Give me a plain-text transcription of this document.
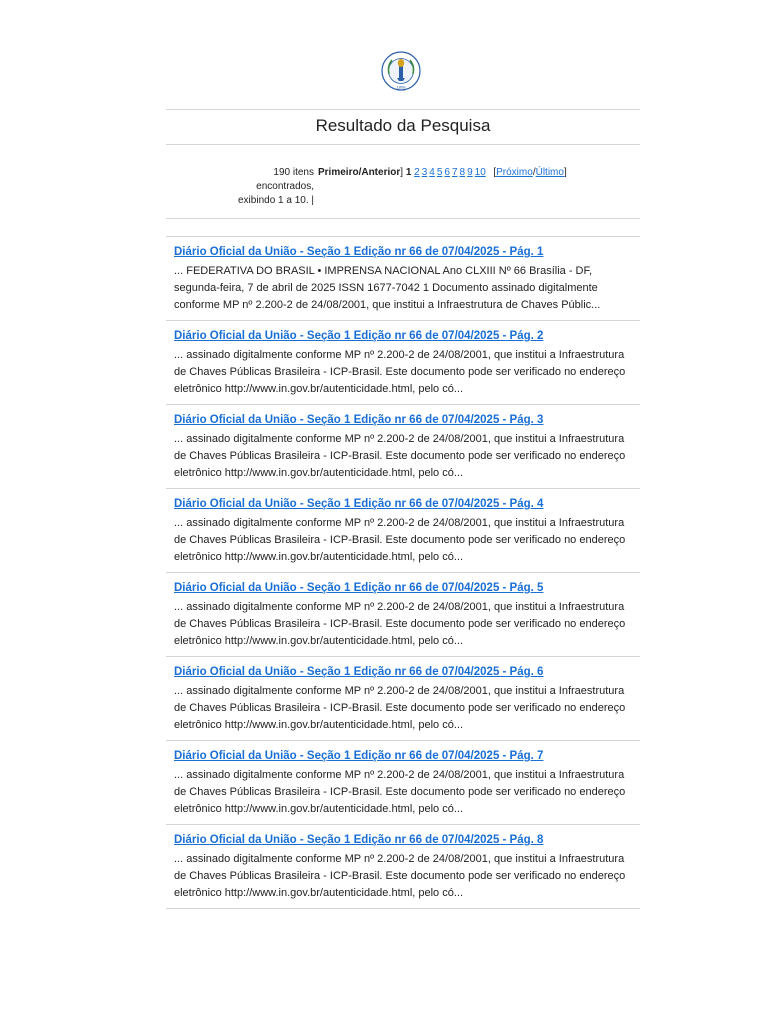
1808
Resultado da Pesquisa
190 itens
encontrados,
exibindo 1 a 10. |
Primeiro/Anterior] 1 2 3 4 5 6 7 8 9 10 [Próximo/Último]
Diário Oficial da União - Seção 1 Edição nr 66 de 07/04/2025 - Pág. 1
... FEDERATIVA DO BRASIL • IMPRENSA NACIONAL Ano CLXIII Nº 66 Brasília - DF, segunda-feira, 7 de abril de 2025 ISSN 1677-7042 1 Documento assinado digitalmente conforme MP nº 2.200-2 de 24/08/2001, que institui a Infraestrutura de Chaves Públic...
Diário Oficial da União - Seção 1 Edição nr 66 de 07/04/2025 - Pág. 2
... assinado digitalmente conforme MP nº 2.200-2 de 24/08/2001, que institui a Infraestrutura de Chaves Públicas Brasileira - ICP-Brasil. Este documento pode ser verificado no endereço eletrônico http://www.in.gov.br/autenticidade.html, pelo có...
Diário Oficial da União - Seção 1 Edição nr 66 de 07/04/2025 - Pág. 3
... assinado digitalmente conforme MP nº 2.200-2 de 24/08/2001, que institui a Infraestrutura de Chaves Públicas Brasileira - ICP-Brasil. Este documento pode ser verificado no endereço eletrônico http://www.in.gov.br/autenticidade.html, pelo có...
Diário Oficial da União - Seção 1 Edição nr 66 de 07/04/2025 - Pág. 4
... assinado digitalmente conforme MP nº 2.200-2 de 24/08/2001, que institui a Infraestrutura de Chaves Públicas Brasileira - ICP-Brasil. Este documento pode ser verificado no endereço eletrônico http://www.in.gov.br/autenticidade.html, pelo có...
Diário Oficial da União - Seção 1 Edição nr 66 de 07/04/2025 - Pág. 5
... assinado digitalmente conforme MP nº 2.200-2 de 24/08/2001, que institui a Infraestrutura de Chaves Públicas Brasileira - ICP-Brasil. Este documento pode ser verificado no endereço eletrônico http://www.in.gov.br/autenticidade.html, pelo có...
Diário Oficial da União - Seção 1 Edição nr 66 de 07/04/2025 - Pág. 6
... assinado digitalmente conforme MP nº 2.200-2 de 24/08/2001, que institui a Infraestrutura de Chaves Públicas Brasileira - ICP-Brasil. Este documento pode ser verificado no endereço eletrônico http://www.in.gov.br/autenticidade.html, pelo có...
Diário Oficial da União - Seção 1 Edição nr 66 de 07/04/2025 - Pág. 7
... assinado digitalmente conforme MP nº 2.200-2 de 24/08/2001, que institui a Infraestrutura de Chaves Públicas Brasileira - ICP-Brasil. Este documento pode ser verificado no endereço eletrônico http://www.in.gov.br/autenticidade.html, pelo có...
Diário Oficial da União - Seção 1 Edição nr 66 de 07/04/2025 - Pág. 8
... assinado digitalmente conforme MP nº 2.200-2 de 24/08/2001, que institui a Infraestrutura de Chaves Públicas Brasileira - ICP-Brasil. Este documento pode ser verificado no endereço eletrônico http://www.in.gov.br/autenticidade.html, pelo có...
